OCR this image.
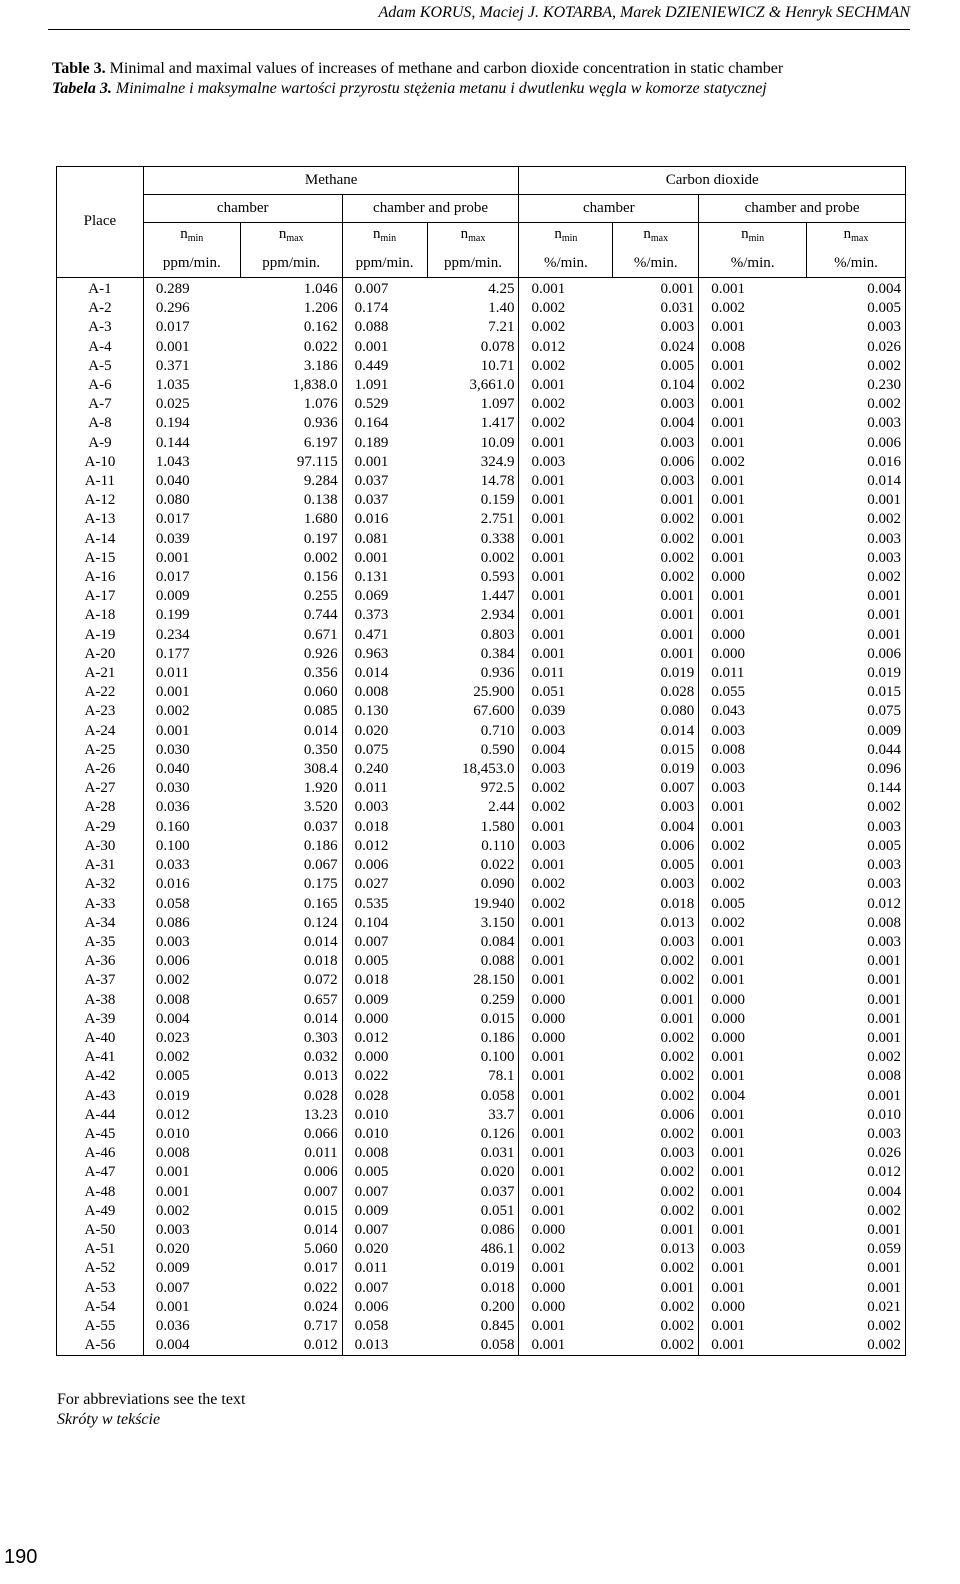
Adam KORUS, Maciej J. KOTARBA, Marek DZIENIEWICZ & Henryk SECHMAN
Table 3. Minimal and maximal values of increases of methane and carbon dioxide concentration in static chamber
Tabela 3. Minimalne i maksymalne wartości przyrostu stężenia metanu i dwutlenku węgla w komorze statycznej
Place	Methane				Carbon dioxide			
	chamber		chamber and probe		chamber		chamber and probe	
	$n_{min}$	$n_{max}$	$n_{min}$	$n_{max}$	$n_{min}$	$n_{max}$	$n_{min}$	$n_{max}$
	ppm/min.	ppm/min.	ppm/min.	ppm/min.	%/min.	%/min.	%/min.	%/min.
A-1	0.289	1.046	0.007	4.25	0.001	0.001	0.001	0.004
A-2	0.296	1.206	0.174	1.40	0.002	0.031	0.002	0.005
A-3	0.017	0.162	0.088	7.21	0.002	0.003	0.001	0.003
A-4	0.001	0.022	0.001	0.078	0.012	0.024	0.008	0.026
A-5	0.371	3.186	0.449	10.71	0.002	0.005	0.001	0.002
A-6	1.035	1,838.0	1.091	3,661.0	0.001	0.104	0.002	0.230
A-7	0.025	1.076	0.529	1.097	0.002	0.003	0.001	0.002
A-8	0.194	0.936	0.164	1.417	0.002	0.004	0.001	0.003
A-9	0.144	6.197	0.189	10.09	0.001	0.003	0.001	0.006
A-10	1.043	97.115	0.001	324.9	0.003	0.006	0.002	0.016
A-11	0.040	9.284	0.037	14.78	0.001	0.003	0.001	0.014
A-12	0.080	0.138	0.037	0.159	0.001	0.001	0.001	0.001
A-13	0.017	1.680	0.016	2.751	0.001	0.002	0.001	0.002
A-14	0.039	0.197	0.081	0.338	0.001	0.002	0.001	0.003
A-15	0.001	0.002	0.001	0.002	0.001	0.002	0.001	0.003
A-16	0.017	0.156	0.131	0.593	0.001	0.002	0.000	0.002
A-17	0.009	0.255	0.069	1.447	0.001	0.001	0.001	0.001
A-18	0.199	0.744	0.373	2.934	0.001	0.001	0.001	0.001
A-19	0.234	0.671	0.471	0.803	0.001	0.001	0.000	0.001
A-20	0.177	0.926	0.963	0.384	0.001	0.001	0.000	0.006
A-21	0.011	0.356	0.014	0.936	0.011	0.019	0.011	0.019
A-22	0.001	0.060	0.008	25.900	0.051	0.028	0.055	0.015
A-23	0.002	0.085	0.130	67.600	0.039	0.080	0.043	0.075
A-24	0.001	0.014	0.020	0.710	0.003	0.014	0.003	0.009
A-25	0.030	0.350	0.075	0.590	0.004	0.015	0.008	0.044
A-26	0.040	308.4	0.240	18,453.0	0.003	0.019	0.003	0.096
A-27	0.030	1.920	0.011	972.5	0.002	0.007	0.003	0.144
A-28	0.036	3.520	0.003	2.44	0.002	0.003	0.001	0.002
A-29	0.160	0.037	0.018	1.580	0.001	0.004	0.001	0.003
A-30	0.100	0.186	0.012	0.110	0.003	0.006	0.002	0.005
A-31	0.033	0.067	0.006	0.022	0.001	0.005	0.001	0.003
A-32	0.016	0.175	0.027	0.090	0.002	0.003	0.002	0.003
A-33	0.058	0.165	0.535	19.940	0.002	0.018	0.005	0.012
A-34	0.086	0.124	0.104	3.150	0.001	0.013	0.002	0.008
A-35	0.003	0.014	0.007	0.084	0.001	0.003	0.001	0.003
A-36	0.006	0.018	0.005	0.088	0.001	0.002	0.001	0.001
A-37	0.002	0.072	0.018	28.150	0.001	0.002	0.001	0.001
A-38	0.008	0.657	0.009	0.259	0.000	0.001	0.000	0.001
A-39	0.004	0.014	0.000	0.015	0.000	0.001	0.000	0.001
A-40	0.023	0.303	0.012	0.186	0.000	0.002	0.000	0.001
A-41	0.002	0.032	0.000	0.100	0.001	0.002	0.001	0.002
A-42	0.005	0.013	0.022	78.1	0.001	0.002	0.001	0.008
A-43	0.019	0.028	0.028	0.058	0.001	0.002	0.004	0.001
A-44	0.012	13.23	0.010	33.7	0.001	0.006	0.001	0.010
A-45	0.010	0.066	0.010	0.126	0.001	0.002	0.001	0.003
A-46	0.008	0.011	0.008	0.031	0.001	0.003	0.001	0.026
A-47	0.001	0.006	0.005	0.020	0.001	0.002	0.001	0.012
A-48	0.001	0.007	0.007	0.037	0.001	0.002	0.001	0.004
A-49	0.002	0.015	0.009	0.051	0.001	0.002	0.001	0.002
A-50	0.003	0.014	0.007	0.086	0.000	0.001	0.001	0.001
A-51	0.020	5.060	0.020	486.1	0.002	0.013	0.003	0.059
A-52	0.009	0.017	0.011	0.019	0.001	0.002	0.001	0.001
A-53	0.007	0.022	0.007	0.018	0.000	0.001	0.001	0.001
A-54	0.001	0.024	0.006	0.200	0.000	0.002	0.000	0.021
A-55	0.036	0.717	0.058	0.845	0.001	0.002	0.001	0.002
A-56	0.004	0.012	0.013	0.058	0.001	0.002	0.001	0.002
For abbreviations see the text
Skróty w tekście
190
